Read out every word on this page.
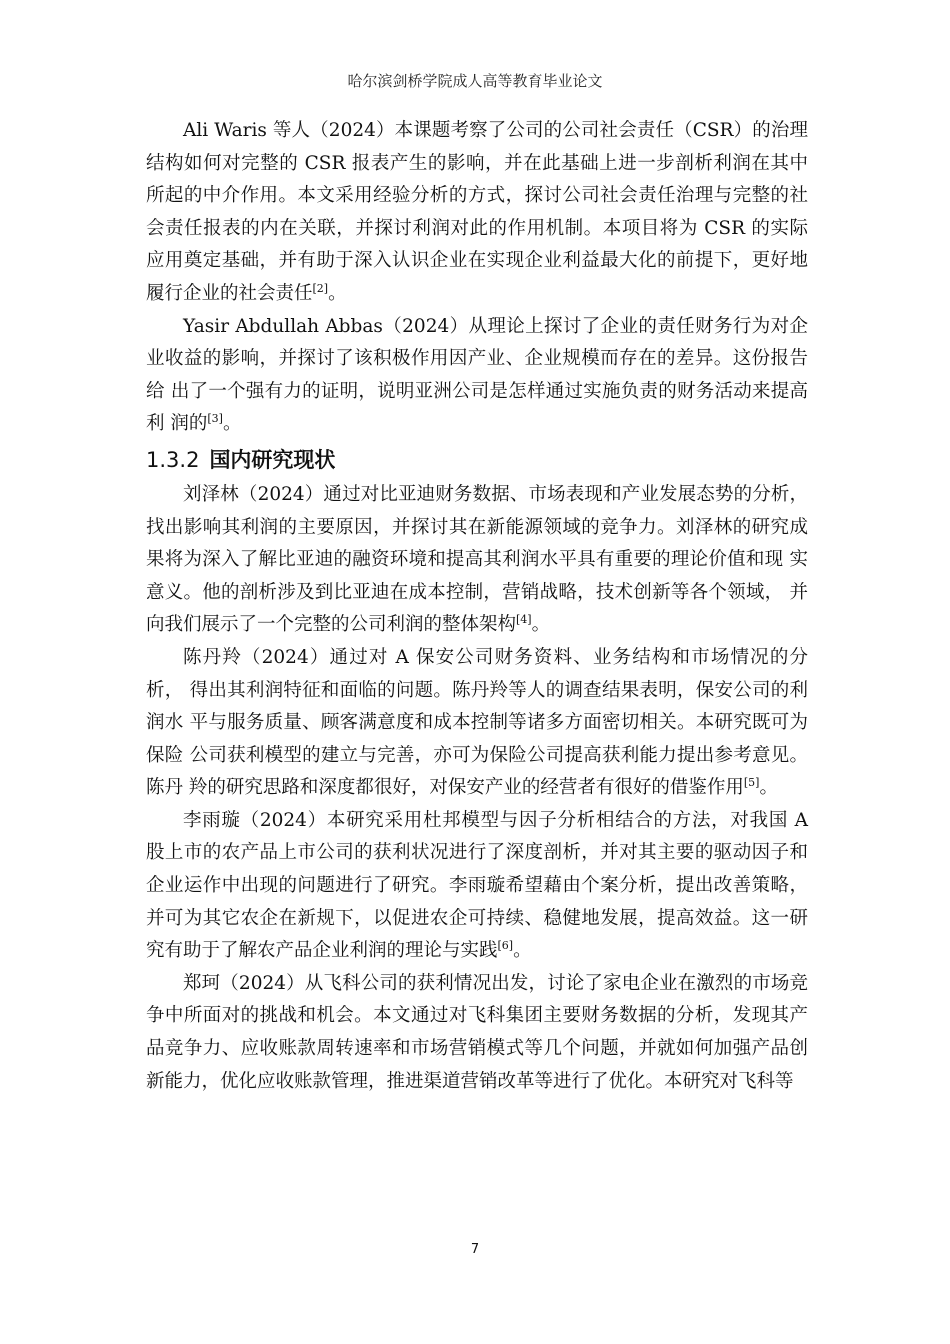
哈尔滨剑桥学院成人高等教育毕业论文

Ali Waris 等人（2024）本课题考察了公司的公司社会责任（CSR）的治理结构如何对完整的 CSR 报表产生的影响，并在此基础上进一步剖析利润在其中所起的中介作用。本文采用经验分析的方式，探讨公司社会责任治理与完整的社会责任报表的内在关联，并探讨利润对此的作用机制。本项目将为 CSR 的实际 应用奠定基础，并有助于深入认识企业在实现企业利益最大化的前提下，更好地 履行企业的社会责任[2]。

Yasir Abdullah Abbas（2024）从理论上探讨了企业的责任财务行为对企业收益的影响，并探讨了该积极作用因产业、企业规模而存在的差异。这份报告给 出了一个强有力的证明，说明亚洲公司是怎样通过实施负责的财务活动来提高利 润的[3]。

1.3.2 国内研究现状

刘泽林（2024）通过对比亚迪财务数据、市场表现和产业发展态势的分析， 找出影响其利润的主要原因，并探讨其在新能源领域的竞争力。刘泽林的研究成 果将为深入了解比亚迪的融资环境和提高其利润水平具有重要的理论价值和现 实意义。他的剖析涉及到比亚迪在成本控制，营销战略，技术创新等各个领域， 并向我们展示了一个完整的公司利润的整体架构[4]。

陈丹羚（2024）通过对 A 保安公司财务资料、业务结构和市场情况的分析， 得出其利润特征和面临的问题。陈丹羚等人的调查结果表明，保安公司的利润水 平与服务质量、顾客满意度和成本控制等诸多方面密切相关。本研究既可为保险 公司获利模型的建立与完善，亦可为保险公司提高获利能力提出参考意见。陈丹 羚的研究思路和深度都很好，对保安产业的经营者有很好的借鉴作用[5]。

李雨璇（2024）本研究采用杜邦模型与因子分析相结合的方法，对我国 A 股上市的农产品上市公司的获利状况进行了深度剖析，并对其主要的驱动因子和 企业运作中出现的问题进行了研究。李雨璇希望藉由个案分析，提出改善策略， 并可为其它农企在新规下，以促进农企可持续、稳健地发展，提高效益。这一研 究有助于了解农产品企业利润的理论与实践[6]。

郑珂（2024）从飞科公司的获利情况出发，讨论了家电企业在激烈的市场竞 争中所面对的挑战和机会。本文通过对飞科集团主要财务数据的分析，发现其产 品竞争力、应收账款周转速率和市场营销模式等几个问题，并就如何加强产品创 新能力，优化应收账款管理，推进渠道营销改革等进行了优化。本研究对飞科等

7
